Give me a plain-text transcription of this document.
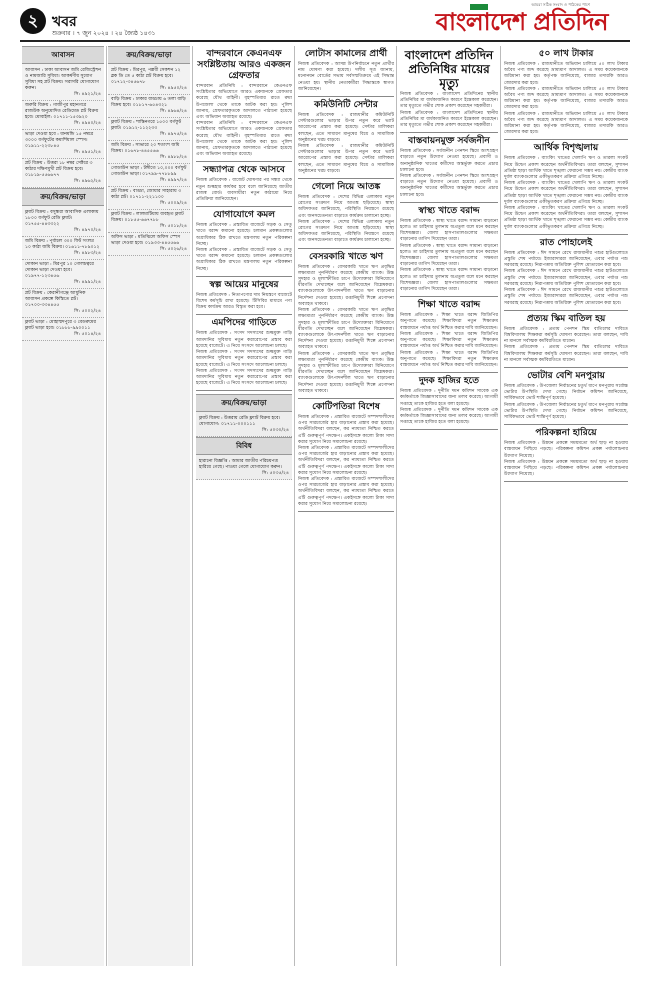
২ খবর
শুক্রবার । ৭ জুন ২০২৪ । ২৪ জ্যৈষ্ঠ ১৪৩১
আমরা সঠিক সংবাদ ও পাঠকের পাশে
বাংলাদেশ প্রতিদিন
আবাসন
আবাসন : ঢাকা আবাসন জমি রেজিস্ট্রেশন ও নামজারি সুবিধা। আকর্ষণীয় সুযোগ সুবিধা সহ প্লট বিক্রয়। সরাসরি যোগাযোগ করুন।
সি: ৪৯২১/২৪
জরুরি বিক্রয় : গাজীপুর মহানগরে রাজউক অনুমোদিত রেডিমেড প্লট বিক্রয় হবে। মোবাইল: ০১৭১১-১৫৩৯২০
সি: ৪৯৪০/২৪
ভাড়া দেওয়া হবে : ধানমন্ডি ১৫ নম্বরে ৩০০০ বর্গফুটের কমার্শিয়াল স্পেস। ০১৯১১-২২৩৮৪৫
সি: ৪৯৫১/২৪
প্লট বিক্রয় : উত্তরা ১৮ নম্বর সেক্টরে ৩ কাঠার দক্ষিণমুখী প্লট বিক্রয় হবে। ০১৮১৯-৫৫৬৬৭৭
সি: ৪৯৬২/২৪
ক্রয়/বিক্রয়/ভাড়া
ফ্ল্যাট বিক্রয় : বসুন্ধরা আবাসিক এলাকায় ১৮০০ বর্গফুট রেডি ফ্ল্যাট। ০১৭৫৫-৪৪৩৩২২
সি: ৪৯৭০/২৪
জমি বিক্রয় : পূর্বাচল ৩০০ ফিট সংলগ্ন ১০ কাঠা জমি বিক্রয়। ০১৬১১-৭৮৯০১২
সি: ৪৯৮৩/২৪
দোকান ভাড়া : মিরপুর ১০ গোলচত্বরে দোকান ভাড়া দেওয়া হবে। ০১৯৭৭-১২৩৪৫৬
সি: ৪৯৯১/২৪
প্লট বিক্রয় : কেরানীগঞ্জে আধুনিক আবাসন প্রকল্পে কিস্তিতে প্লট। ০১৭০০-৩৩৪৪৫৫
সি: ৫০০২/২৪
ফ্ল্যাট ভাড়া : মোহাম্মদপুরে ৩ বেডরুমের ফ্ল্যাট ভাড়া হবে। ০১৮৮৮-৯৯০০১১
সি: ৫০১৪/২৪
ক্রয়/বিক্রয়/ভাড়া
প্লট বিক্রয় : মিরপুর, পল্লবী সেকশন ১২ ব্লক ডি তে ৫ কাঠা প্লট বিক্রয় হবে। ০১৭১২-৩৪৫৬৭৮
সি: ৪৯৫০/২৪
বাড়ি বিক্রয় : ঢাকার বাড্ডায় ৬ তলা বাড়ি বিক্রয় হবে। ০১৮১৭-৬৫৪৩২১
সি: ৪৯৬৪/২৪
ফ্ল্যাট বিক্রয় : শান্তিনগরে ১৫০০ বর্গফুট ফ্ল্যাট। ০১৯১২-১১২২৩৩
সি: ৪৯৭৫/২৪
জমি বিক্রয় : সাভারে ২০ শতাংশ জমি বিক্রয়। ০১৬৭৮-৪৪৫৫৬৬
সি: ৪৯৮৮/২৪
গোডাউন ভাড়া : টঙ্গীতে ১০,০০০ বর্গফুট গোডাউন ভাড়া। ০১৭৯৯-৭৭৮৮৯৯
সি: ৪৯৯৭/২৪
প্লট বিক্রয় : বাড্ডা, জোয়ার সাহারায় ৩ কাঠা প্লট। ০১৭১১-২২১১০০
সি: ৫০০৯/২৪
ফ্ল্যাট বিক্রয় : লালমাটিয়ায় ব্যবহৃত ফ্ল্যাট বিক্রয়। ০১৮৫৫-৬৬৭৭৮৮
সি: ৫০১৮/২৪
অফিস ভাড়া : মতিঝিলে অফিস স্পেস ভাড়া দেওয়া হবে। ০১৯৩৩-৪৪৫৫৬৬
সি: ৫০২৬/২৪
বান্দরবানে কেএনএফ সংশ্লিষ্টতায় আরও একজন গ্রেফতার
বান্দরবান প্রতিনিধি : বান্দরবানে কেএনএফ সংশ্লিষ্টতার অভিযোগে আরও একজনকে গ্রেফতার করেছে যৌথ বাহিনী। বৃহস্পতিবার রাতে রুমা উপজেলা থেকে তাকে আটক করা হয়। পুলিশ জানায়, গ্রেফতারকৃতকে আদালতে পাঠানো হয়েছে এবং অভিযান অব্যাহত রয়েছে।
বান্দরবান প্রতিনিধি : বান্দরবানে কেএনএফ সংশ্লিষ্টতার অভিযোগে আরও একজনকে গ্রেফতার করেছে যৌথ বাহিনী। বৃহস্পতিবার রাতে রুমা উপজেলা থেকে তাকে আটক করা হয়। পুলিশ জানায়, গ্রেফতারকৃতকে আদালতে পাঠানো হয়েছে এবং অভিযান অব্যাহত রয়েছে।
সন্ধ্যাপত্র থেকে আসবে
নিজস্ব প্রতিবেদক : বাজেট ঘোষণার পর সন্ধ্যা থেকে নতুন শুল্কহার কার্যকর হবে বলে জানিয়েছে জাতীয় রাজস্ব বোর্ড। ব্যবসায়ীরা নতুন কাঠামো নিয়ে প্রতিক্রিয়া জানিয়েছেন।
যোগাযোগে কমল
নিজস্ব প্রতিবেদক : প্রস্তাবিত বাজেটে সড়ক ও সেতু খাতে বরাদ্দ কমানো হয়েছে। চলমান প্রকল্পগুলোর অগ্রাধিকার ঠিক রাখতে মন্ত্রণালয় নতুন পরিকল্পনা নিচ্ছে।
নিজস্ব প্রতিবেদক : প্রস্তাবিত বাজেটে সড়ক ও সেতু খাতে বরাদ্দ কমানো হয়েছে। চলমান প্রকল্পগুলোর অগ্রাধিকার ঠিক রাখতে মন্ত্রণালয় নতুন পরিকল্পনা নিচ্ছে।
স্বল্প আয়ের মানুষের
নিজস্ব প্রতিবেদক : নিত্যপণ্যের দাম নিয়ন্ত্রণে বাজেটে বিশেষ কর্মসূচি রাখা হয়েছে। টিসিবির মাধ্যমে পণ্য বিক্রয় কার্যক্রম আরও বিস্তৃত করা হবে।
এমপিদের গাড়িতে
নিজস্ব প্রতিবেদক : সংসদ সদস্যদের শুল্কমুক্ত গাড়ি আমদানির সুবিধায় নতুন করারোপের প্রস্তাব করা হয়েছে বাজেটে। এ নিয়ে সংসদে আলোচনা চলছে।
নিজস্ব প্রতিবেদক : সংসদ সদস্যদের শুল্কমুক্ত গাড়ি আমদানির সুবিধায় নতুন করারোপের প্রস্তাব করা হয়েছে বাজেটে। এ নিয়ে সংসদে আলোচনা চলছে।
নিজস্ব প্রতিবেদক : সংসদ সদস্যদের শুল্কমুক্ত গাড়ি আমদানির সুবিধায় নতুন করারোপের প্রস্তাব করা হয়েছে বাজেটে। এ নিয়ে সংসদে আলোচনা চলছে।
ক্রয়/বিক্রয়/ভাড়া
ফ্ল্যাট বিক্রয় : উত্তরায় রেডি ফ্ল্যাট বিক্রয় হবে। যোগাযোগ: ০১৭১১-০০০১১১
সি: ৫০৩০/২৪
বিবিধ
হারানো বিজ্ঞপ্তি : আমার জাতীয় পরিচয়পত্র হারিয়ে গেছে। পাওয়া গেলে যোগাযোগ করুন।
সি: ৫০৩৫/২৪
লোটাস কামালের প্রার্থী
নিজস্ব প্রতিবেদক : আসন্ন উপনির্বাচনে নতুন প্রার্থীর নাম ঘোষণা করা হয়েছে। দলীয় সূত্র জানায়, মনোনয়ন বোর্ডের সভায় সর্বসম্মতিক্রমে এই সিদ্ধান্ত নেওয়া হয়। স্থানীয় নেতাকর্মীরা সিদ্ধান্তকে স্বাগত জানিয়েছেন।
কমিউনিটি সেন্টার
নিজস্ব প্রতিবেদক : রাজধানীর কমিউনিটি সেন্টারগুলোর ভাড়ার উপর নতুন করে ভ্যাট আরোপের প্রস্তাব করা হয়েছে। সেন্টার মালিকরা বলছেন, এতে সাধারণ মানুষের বিয়ে ও সামাজিক অনুষ্ঠানের খরচ বাড়বে।
নিজস্ব প্রতিবেদক : রাজধানীর কমিউনিটি সেন্টারগুলোর ভাড়ার উপর নতুন করে ভ্যাট আরোপের প্রস্তাব করা হয়েছে। সেন্টার মালিকরা বলছেন, এতে সাধারণ মানুষের বিয়ে ও সামাজিক অনুষ্ঠানের খরচ বাড়বে।
গেলো নিয়ে আতঙ্ক
নিজস্ব প্রতিবেদক : দেশের বিভিন্ন এলাকায় নতুন রোগের সংক্রমণ নিয়ে আতঙ্ক ছড়িয়েছে। স্বাস্থ্য অধিদফতর জানিয়েছে, পরিস্থিতি নিয়ন্ত্রণে রয়েছে এবং জনসচেতনতা বাড়াতে কার্যক্রম চালানো হচ্ছে।
নিজস্ব প্রতিবেদক : দেশের বিভিন্ন এলাকায় নতুন রোগের সংক্রমণ নিয়ে আতঙ্ক ছড়িয়েছে। স্বাস্থ্য অধিদফতর জানিয়েছে, পরিস্থিতি নিয়ন্ত্রণে রয়েছে এবং জনসচেতনতা বাড়াতে কার্যক্রম চালানো হচ্ছে।
বেসরকারি খাতে ঋণ
নিজস্ব প্রতিবেদক : বেসরকারি খাতে ঋণ প্রবৃদ্ধির লক্ষ্যমাত্রা পুনর্নির্ধারণ করেছে কেন্দ্রীয় ব্যাংক। উচ্চ সুদহার ও মূল্যস্ফীতির চাপে উদ্যোক্তারা বিনিয়োগে ধীরগতি দেখাচ্ছেন বলে জানিয়েছেন বিশ্লেষকরা। ব্যাংকগুলোকে উৎপাদনশীল খাতে ঋণ বাড়ানোর নির্দেশনা দেওয়া হয়েছে। রপ্তানিমুখী শিল্পে প্রণোদনা অব্যাহত থাকবে।
নিজস্ব প্রতিবেদক : বেসরকারি খাতে ঋণ প্রবৃদ্ধির লক্ষ্যমাত্রা পুনর্নির্ধারণ করেছে কেন্দ্রীয় ব্যাংক। উচ্চ সুদহার ও মূল্যস্ফীতির চাপে উদ্যোক্তারা বিনিয়োগে ধীরগতি দেখাচ্ছেন বলে জানিয়েছেন বিশ্লেষকরা। ব্যাংকগুলোকে উৎপাদনশীল খাতে ঋণ বাড়ানোর নির্দেশনা দেওয়া হয়েছে। রপ্তানিমুখী শিল্পে প্রণোদনা অব্যাহত থাকবে।
নিজস্ব প্রতিবেদক : বেসরকারি খাতে ঋণ প্রবৃদ্ধির লক্ষ্যমাত্রা পুনর্নির্ধারণ করেছে কেন্দ্রীয় ব্যাংক। উচ্চ সুদহার ও মূল্যস্ফীতির চাপে উদ্যোক্তারা বিনিয়োগে ধীরগতি দেখাচ্ছেন বলে জানিয়েছেন বিশ্লেষকরা। ব্যাংকগুলোকে উৎপাদনশীল খাতে ঋণ বাড়ানোর নির্দেশনা দেওয়া হয়েছে। রপ্তানিমুখী শিল্পে প্রণোদনা অব্যাহত থাকবে।
কোটিপতিরা বিশেষ
নিজস্ব প্রতিবেদক : প্রস্তাবিত বাজেটে সম্পদশালীদের ওপর সারচার্জের হার বাড়ানোর প্রস্তাব করা হয়েছে। অর্থনীতিবিদরা বলছেন, কর ন্যায্যতা নিশ্চিত করতে এটি গুরুত্বপূর্ণ পদক্ষেপ। একইসঙ্গে কালো টাকা সাদা করার সুযোগ নিয়ে সমালোচনা রয়েছে।
নিজস্ব প্রতিবেদক : প্রস্তাবিত বাজেটে সম্পদশালীদের ওপর সারচার্জের হার বাড়ানোর প্রস্তাব করা হয়েছে। অর্থনীতিবিদরা বলছেন, কর ন্যায্যতা নিশ্চিত করতে এটি গুরুত্বপূর্ণ পদক্ষেপ। একইসঙ্গে কালো টাকা সাদা করার সুযোগ নিয়ে সমালোচনা রয়েছে।
নিজস্ব প্রতিবেদক : প্রস্তাবিত বাজেটে সম্পদশালীদের ওপর সারচার্জের হার বাড়ানোর প্রস্তাব করা হয়েছে। অর্থনীতিবিদরা বলছেন, কর ন্যায্যতা নিশ্চিত করতে এটি গুরুত্বপূর্ণ পদক্ষেপ। একইসঙ্গে কালো টাকা সাদা করার সুযোগ নিয়ে সমালোচনা রয়েছে।
বাংলাদেশ প্রতিদিন প্রতিনিধির মায়ের মৃত্যু
নিজস্ব প্রতিবেদক : বাংলাদেশ প্রতিদিনের স্থানীয় প্রতিনিধির মা বার্ধক্যজনিত কারণে ইন্তেকাল করেছেন। তার মৃত্যুতে গভীর শোক প্রকাশ করেছেন সহকর্মীরা।
নিজস্ব প্রতিবেদক : বাংলাদেশ প্রতিদিনের স্থানীয় প্রতিনিধির মা বার্ধক্যজনিত কারণে ইন্তেকাল করেছেন। তার মৃত্যুতে গভীর শোক প্রকাশ করেছেন সহকর্মীরা।
বাস্তবায়নমুক্ত সর্বজনীন
নিজস্ব প্রতিবেদক : সর্বজনীন পেনশন স্কিমে অংশগ্রহণ বাড়াতে নতুন উদ্যোগ নেওয়া হয়েছে। প্রবাসী ও অনানুষ্ঠানিক খাতের কর্মীদের অন্তর্ভুক্ত করতে প্রচার চালানো হবে।
নিজস্ব প্রতিবেদক : সর্বজনীন পেনশন স্কিমে অংশগ্রহণ বাড়াতে নতুন উদ্যোগ নেওয়া হয়েছে। প্রবাসী ও অনানুষ্ঠানিক খাতের কর্মীদের অন্তর্ভুক্ত করতে প্রচার চালানো হবে।
স্বাস্থ্য খাতে বরাদ্দ
নিজস্ব প্রতিবেদক : স্বাস্থ্য খাতে বরাদ্দ সামান্য বাড়ানো হলেও তা চাহিদার তুলনায় অপ্রতুল বলে মনে করছেন বিশেষজ্ঞরা। জেলা হাসপাতালগুলোর সক্ষমতা বাড়ানোর তাগিদ দিয়েছেন তারা।
নিজস্ব প্রতিবেদক : স্বাস্থ্য খাতে বরাদ্দ সামান্য বাড়ানো হলেও তা চাহিদার তুলনায় অপ্রতুল বলে মনে করছেন বিশেষজ্ঞরা। জেলা হাসপাতালগুলোর সক্ষমতা বাড়ানোর তাগিদ দিয়েছেন তারা।
নিজস্ব প্রতিবেদক : স্বাস্থ্য খাতে বরাদ্দ সামান্য বাড়ানো হলেও তা চাহিদার তুলনায় অপ্রতুল বলে মনে করছেন বিশেষজ্ঞরা। জেলা হাসপাতালগুলোর সক্ষমতা বাড়ানোর তাগিদ দিয়েছেন তারা।
শিক্ষা খাতে বরাদ্দ
নিজস্ব প্রতিবেদক : শিক্ষা খাতে বরাদ্দ জিডিপির অনুপাতে কমেছে। শিক্ষাবিদরা নতুন শিক্ষাক্রম বাস্তবায়নে পর্যাপ্ত অর্থ নিশ্চিত করার দাবি জানিয়েছেন।
নিজস্ব প্রতিবেদক : শিক্ষা খাতে বরাদ্দ জিডিপির অনুপাতে কমেছে। শিক্ষাবিদরা নতুন শিক্ষাক্রম বাস্তবায়নে পর্যাপ্ত অর্থ নিশ্চিত করার দাবি জানিয়েছেন।
নিজস্ব প্রতিবেদক : শিক্ষা খাতে বরাদ্দ জিডিপির অনুপাতে কমেছে। শিক্ষাবিদরা নতুন শিক্ষাক্রম বাস্তবায়নে পর্যাপ্ত অর্থ নিশ্চিত করার দাবি জানিয়েছেন।
দুদক হাজির হতে
নিজস্ব প্রতিবেদক : দুর্নীতি দমন কমিশন সাবেক এক কর্মকর্তাকে জিজ্ঞাসাবাদের জন্য তলব করেছে। আগামী সপ্তাহে তাকে হাজির হতে বলা হয়েছে।
নিজস্ব প্রতিবেদক : দুর্নীতি দমন কমিশন সাবেক এক কর্মকর্তাকে জিজ্ঞাসাবাদের জন্য তলব করেছে। আগামী সপ্তাহে তাকে হাজির হতে বলা হয়েছে।
৫০ লাখ টাকার
নিজস্ব প্রতিবেদক : রাজধানীতে অভিযান চালিয়ে ৫০ লাখ টাকার অবৈধ পণ্য জব্দ করেছে ভ্রাম্যমাণ আদালত। এ সময় কয়েকজনকে জরিমানা করা হয়। কর্তৃপক্ষ জানিয়েছে, বাজার তদারকি আরও জোরদার করা হবে।
নিজস্ব প্রতিবেদক : রাজধানীতে অভিযান চালিয়ে ৫০ লাখ টাকার অবৈধ পণ্য জব্দ করেছে ভ্রাম্যমাণ আদালত। এ সময় কয়েকজনকে জরিমানা করা হয়। কর্তৃপক্ষ জানিয়েছে, বাজার তদারকি আরও জোরদার করা হবে।
নিজস্ব প্রতিবেদক : রাজধানীতে অভিযান চালিয়ে ৫০ লাখ টাকার অবৈধ পণ্য জব্দ করেছে ভ্রাম্যমাণ আদালত। এ সময় কয়েকজনকে জরিমানা করা হয়। কর্তৃপক্ষ জানিয়েছে, বাজার তদারকি আরও জোরদার করা হবে।
আর্থিক বিশৃঙ্খলায়
নিজস্ব প্রতিবেদক : ব্যাংকিং খাতের খেলাপি ঋণ ও তারল্য সংকট নিয়ে উদ্বেগ প্রকাশ করেছেন অর্থনীতিবিদরা। তারা বলছেন, সুশাসন প্রতিষ্ঠা ছাড়া আর্থিক খাতে শৃঙ্খলা ফেরানো সম্ভব নয়। কেন্দ্রীয় ব্যাংক দুর্বল ব্যাংকগুলোর একীভূতকরণ প্রক্রিয়া এগিয়ে নিচ্ছে।
নিজস্ব প্রতিবেদক : ব্যাংকিং খাতের খেলাপি ঋণ ও তারল্য সংকট নিয়ে উদ্বেগ প্রকাশ করেছেন অর্থনীতিবিদরা। তারা বলছেন, সুশাসন প্রতিষ্ঠা ছাড়া আর্থিক খাতে শৃঙ্খলা ফেরানো সম্ভব নয়। কেন্দ্রীয় ব্যাংক দুর্বল ব্যাংকগুলোর একীভূতকরণ প্রক্রিয়া এগিয়ে নিচ্ছে।
নিজস্ব প্রতিবেদক : ব্যাংকিং খাতের খেলাপি ঋণ ও তারল্য সংকট নিয়ে উদ্বেগ প্রকাশ করেছেন অর্থনীতিবিদরা। তারা বলছেন, সুশাসন প্রতিষ্ঠা ছাড়া আর্থিক খাতে শৃঙ্খলা ফেরানো সম্ভব নয়। কেন্দ্রীয় ব্যাংক দুর্বল ব্যাংকগুলোর একীভূতকরণ প্রক্রিয়া এগিয়ে নিচ্ছে।
রাত পোহালেই
নিজস্ব প্রতিবেদক : ঈদ সামনে রেখে রাজধানীর পশুর হাটগুলোতে প্রস্তুতি শেষ পর্যায়ে। ইজারাদাররা জানিয়েছেন, এবার পর্যাপ্ত পশু সরবরাহ রয়েছে। নিরাপত্তায় অতিরিক্ত পুলিশ মোতায়েন করা হবে।
নিজস্ব প্রতিবেদক : ঈদ সামনে রেখে রাজধানীর পশুর হাটগুলোতে প্রস্তুতি শেষ পর্যায়ে। ইজারাদাররা জানিয়েছেন, এবার পর্যাপ্ত পশু সরবরাহ রয়েছে। নিরাপত্তায় অতিরিক্ত পুলিশ মোতায়েন করা হবে।
নিজস্ব প্রতিবেদক : ঈদ সামনে রেখে রাজধানীর পশুর হাটগুলোতে প্রস্তুতি শেষ পর্যায়ে। ইজারাদাররা জানিয়েছেন, এবার পর্যাপ্ত পশু সরবরাহ রয়েছে। নিরাপত্তায় অতিরিক্ত পুলিশ মোতায়েন করা হবে।
প্রত্যয় স্কিম বাতিল হয়
নিজস্ব প্রতিবেদক : প্রত্যয় পেনশন স্কিম বাতিলের দাবিতে বিশ্ববিদ্যালয় শিক্ষকরা কর্মসূচি ঘোষণা করেছেন। তারা বলছেন, দাবি না মানলে সর্বাত্মক কর্মবিরতিতে যাবেন।
নিজস্ব প্রতিবেদক : প্রত্যয় পেনশন স্কিম বাতিলের দাবিতে বিশ্ববিদ্যালয় শিক্ষকরা কর্মসূচি ঘোষণা করেছেন। তারা বলছেন, দাবি না মানলে সর্বাত্মক কর্মবিরতিতে যাবেন।
ভোটার বেশি মনপুরায়
নিজস্ব প্রতিবেদক : উপজেলা নির্বাচনের চতুর্থ ধাপে মনপুরায় সর্বোচ্চ ভোটার উপস্থিতি দেখা গেছে। নির্বাচন কমিশন জানিয়েছে, সার্বিকভাবে ভোট শান্তিপূর্ণ হয়েছে।
নিজস্ব প্রতিবেদক : উপজেলা নির্বাচনের চতুর্থ ধাপে মনপুরায় সর্বোচ্চ ভোটার উপস্থিতি দেখা গেছে। নির্বাচন কমিশন জানিয়েছে, সার্বিকভাবে ভোট শান্তিপূর্ণ হয়েছে।
পরিকল্পনা হারিয়ে
নিজস্ব প্রতিবেদক : উন্নয়ন প্রকল্পে সময়মতো অর্থ ছাড় না হওয়ায় বাস্তবায়ন পিছিয়ে পড়ছে। পরিকল্পনা কমিশন প্রকল্প পর্যালোচনার উদ্যোগ নিয়েছে।
নিজস্ব প্রতিবেদক : উন্নয়ন প্রকল্পে সময়মতো অর্থ ছাড় না হওয়ায় বাস্তবায়ন পিছিয়ে পড়ছে। পরিকল্পনা কমিশন প্রকল্প পর্যালোচনার উদ্যোগ নিয়েছে।
